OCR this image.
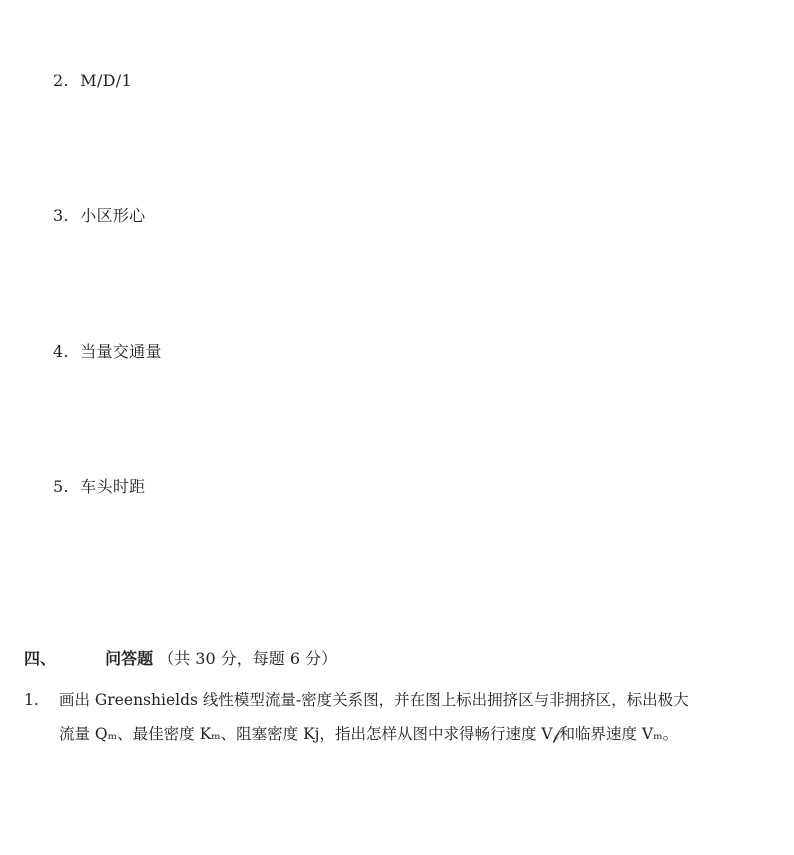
2. M/D/1
3. 小区形心
4. 当量交通量
5. 车头时距
四、	问答题 （共 30 分，每题 6 分）
1. 画出 Greenshields 线性模型流量-密度关系图，并在图上标出拥挤区与非拥挤区，标出极大
流量 Qₘ、最佳密度 Kₘ、阻塞密度 Kj，指出怎样从图中求得畅行速度 V𝒻和临界速度 Vₘ。
